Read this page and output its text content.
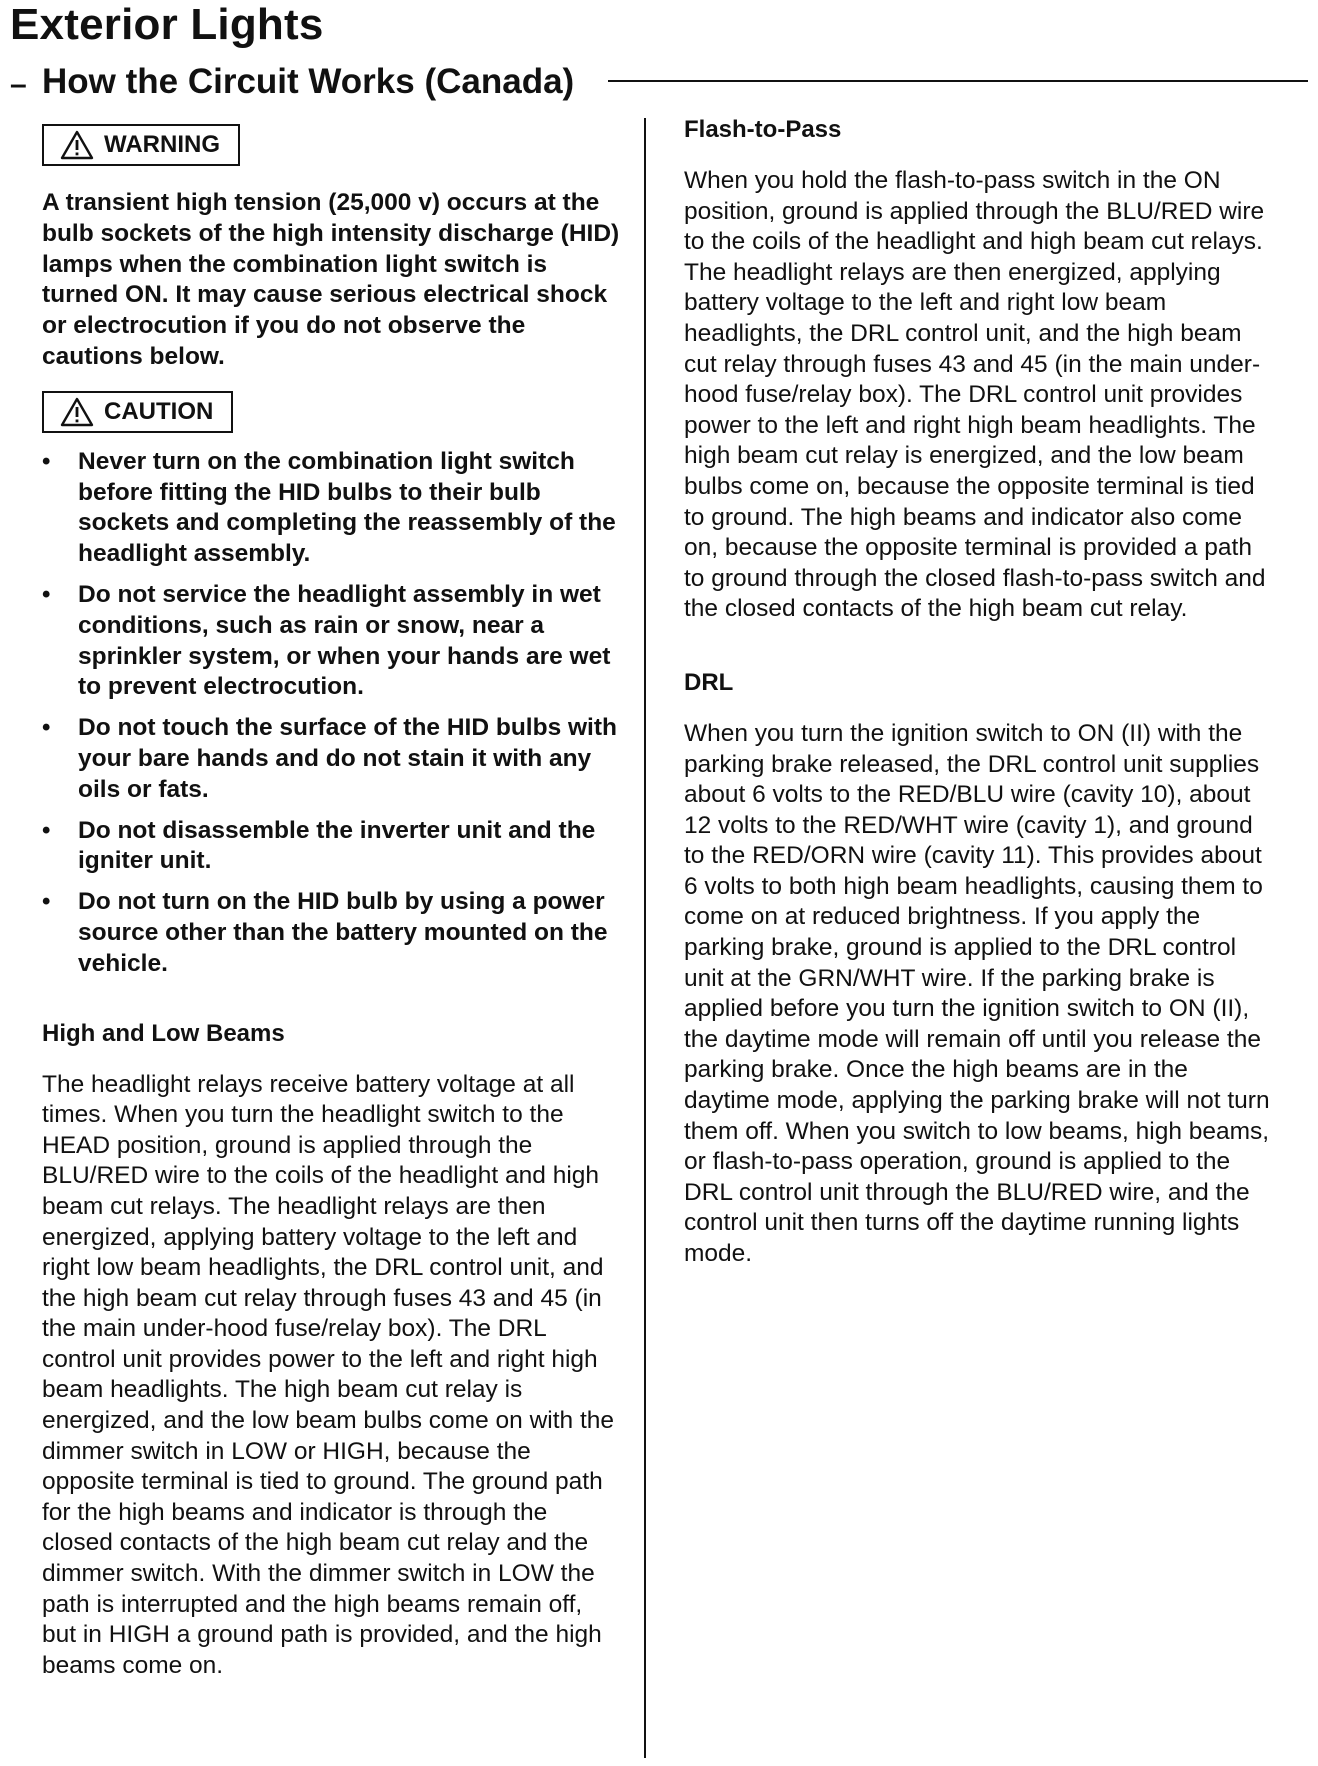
Exterior Lights
– How the Circuit Works (Canada)
WARNING

A transient high tension (25,000 v) occurs at the bulb sockets of the high intensity discharge (HID) lamps when the combination light switch is turned ON. It may cause serious electrical shock or electrocution if you do not observe the cautions below.

CAUTION
• Never turn on the combination light switch before fitting the HID bulbs to their bulb sockets and completing the reassembly of the headlight assembly.
• Do not service the headlight assembly in wet conditions, such as rain or snow, near a sprinkler system, or when your hands are wet to prevent electrocution.
• Do not touch the surface of the HID bulbs with your bare hands and do not stain it with any oils or fats.
• Do not disassemble the inverter unit and the igniter unit.
• Do not turn on the HID bulb by using a power source other than the battery mounted on the vehicle.
High and Low Beams

The headlight relays receive battery voltage at all times. When you turn the headlight switch to the HEAD position, ground is applied through the BLU/RED wire to the coils of the headlight and high beam cut relays. The headlight relays are then energized, applying battery voltage to the left and right low beam headlights, the DRL control unit, and the high beam cut relay through fuses 43 and 45 (in the main under-hood fuse/relay box). The DRL control unit provides power to the left and right high beam headlights. The high beam cut relay is energized, and the low beam bulbs come on with the dimmer switch in LOW or HIGH, because the opposite terminal is tied to ground. The ground path for the high beams and indicator is through the closed contacts of the high beam cut relay and the dimmer switch. With the dimmer switch in LOW the path is interrupted and the high beams remain off, but in HIGH a ground path is provided, and the high beams come on.

Flash-to-Pass

When you hold the flash-to-pass switch in the ON position, ground is applied through the BLU/RED wire to the coils of the headlight and high beam cut relays. The headlight relays are then energized, applying battery voltage to the left and right low beam headlights, the DRL control unit, and the high beam cut relay through fuses 43 and 45 (in the main under-hood fuse/relay box). The DRL control unit provides power to the left and right high beam headlights. The high beam cut relay is energized, and the low beam bulbs come on, because the opposite terminal is tied to ground. The high beams and indicator also come on, because the opposite terminal is provided a path to ground through the closed flash-to-pass switch and the closed contacts of the high beam cut relay.

DRL

When you turn the ignition switch to ON (II) with the parking brake released, the DRL control unit supplies about 6 volts to the RED/BLU wire (cavity 10), about 12 volts to the RED/WHT wire (cavity 1), and ground to the RED/ORN wire (cavity 11). This provides about 6 volts to both high beam headlights, causing them to come on at reduced brightness. If you apply the parking brake, ground is applied to the DRL control unit at the GRN/WHT wire. If the parking brake is applied before you turn the ignition switch to ON (II), the daytime mode will remain off until you release the parking brake. Once the high beams are in the daytime mode, applying the parking brake will not turn them off. When you switch to low beams, high beams, or flash-to-pass operation, ground is applied to the DRL control unit through the BLU/RED wire, and the control unit then turns off the daytime running lights mode.
